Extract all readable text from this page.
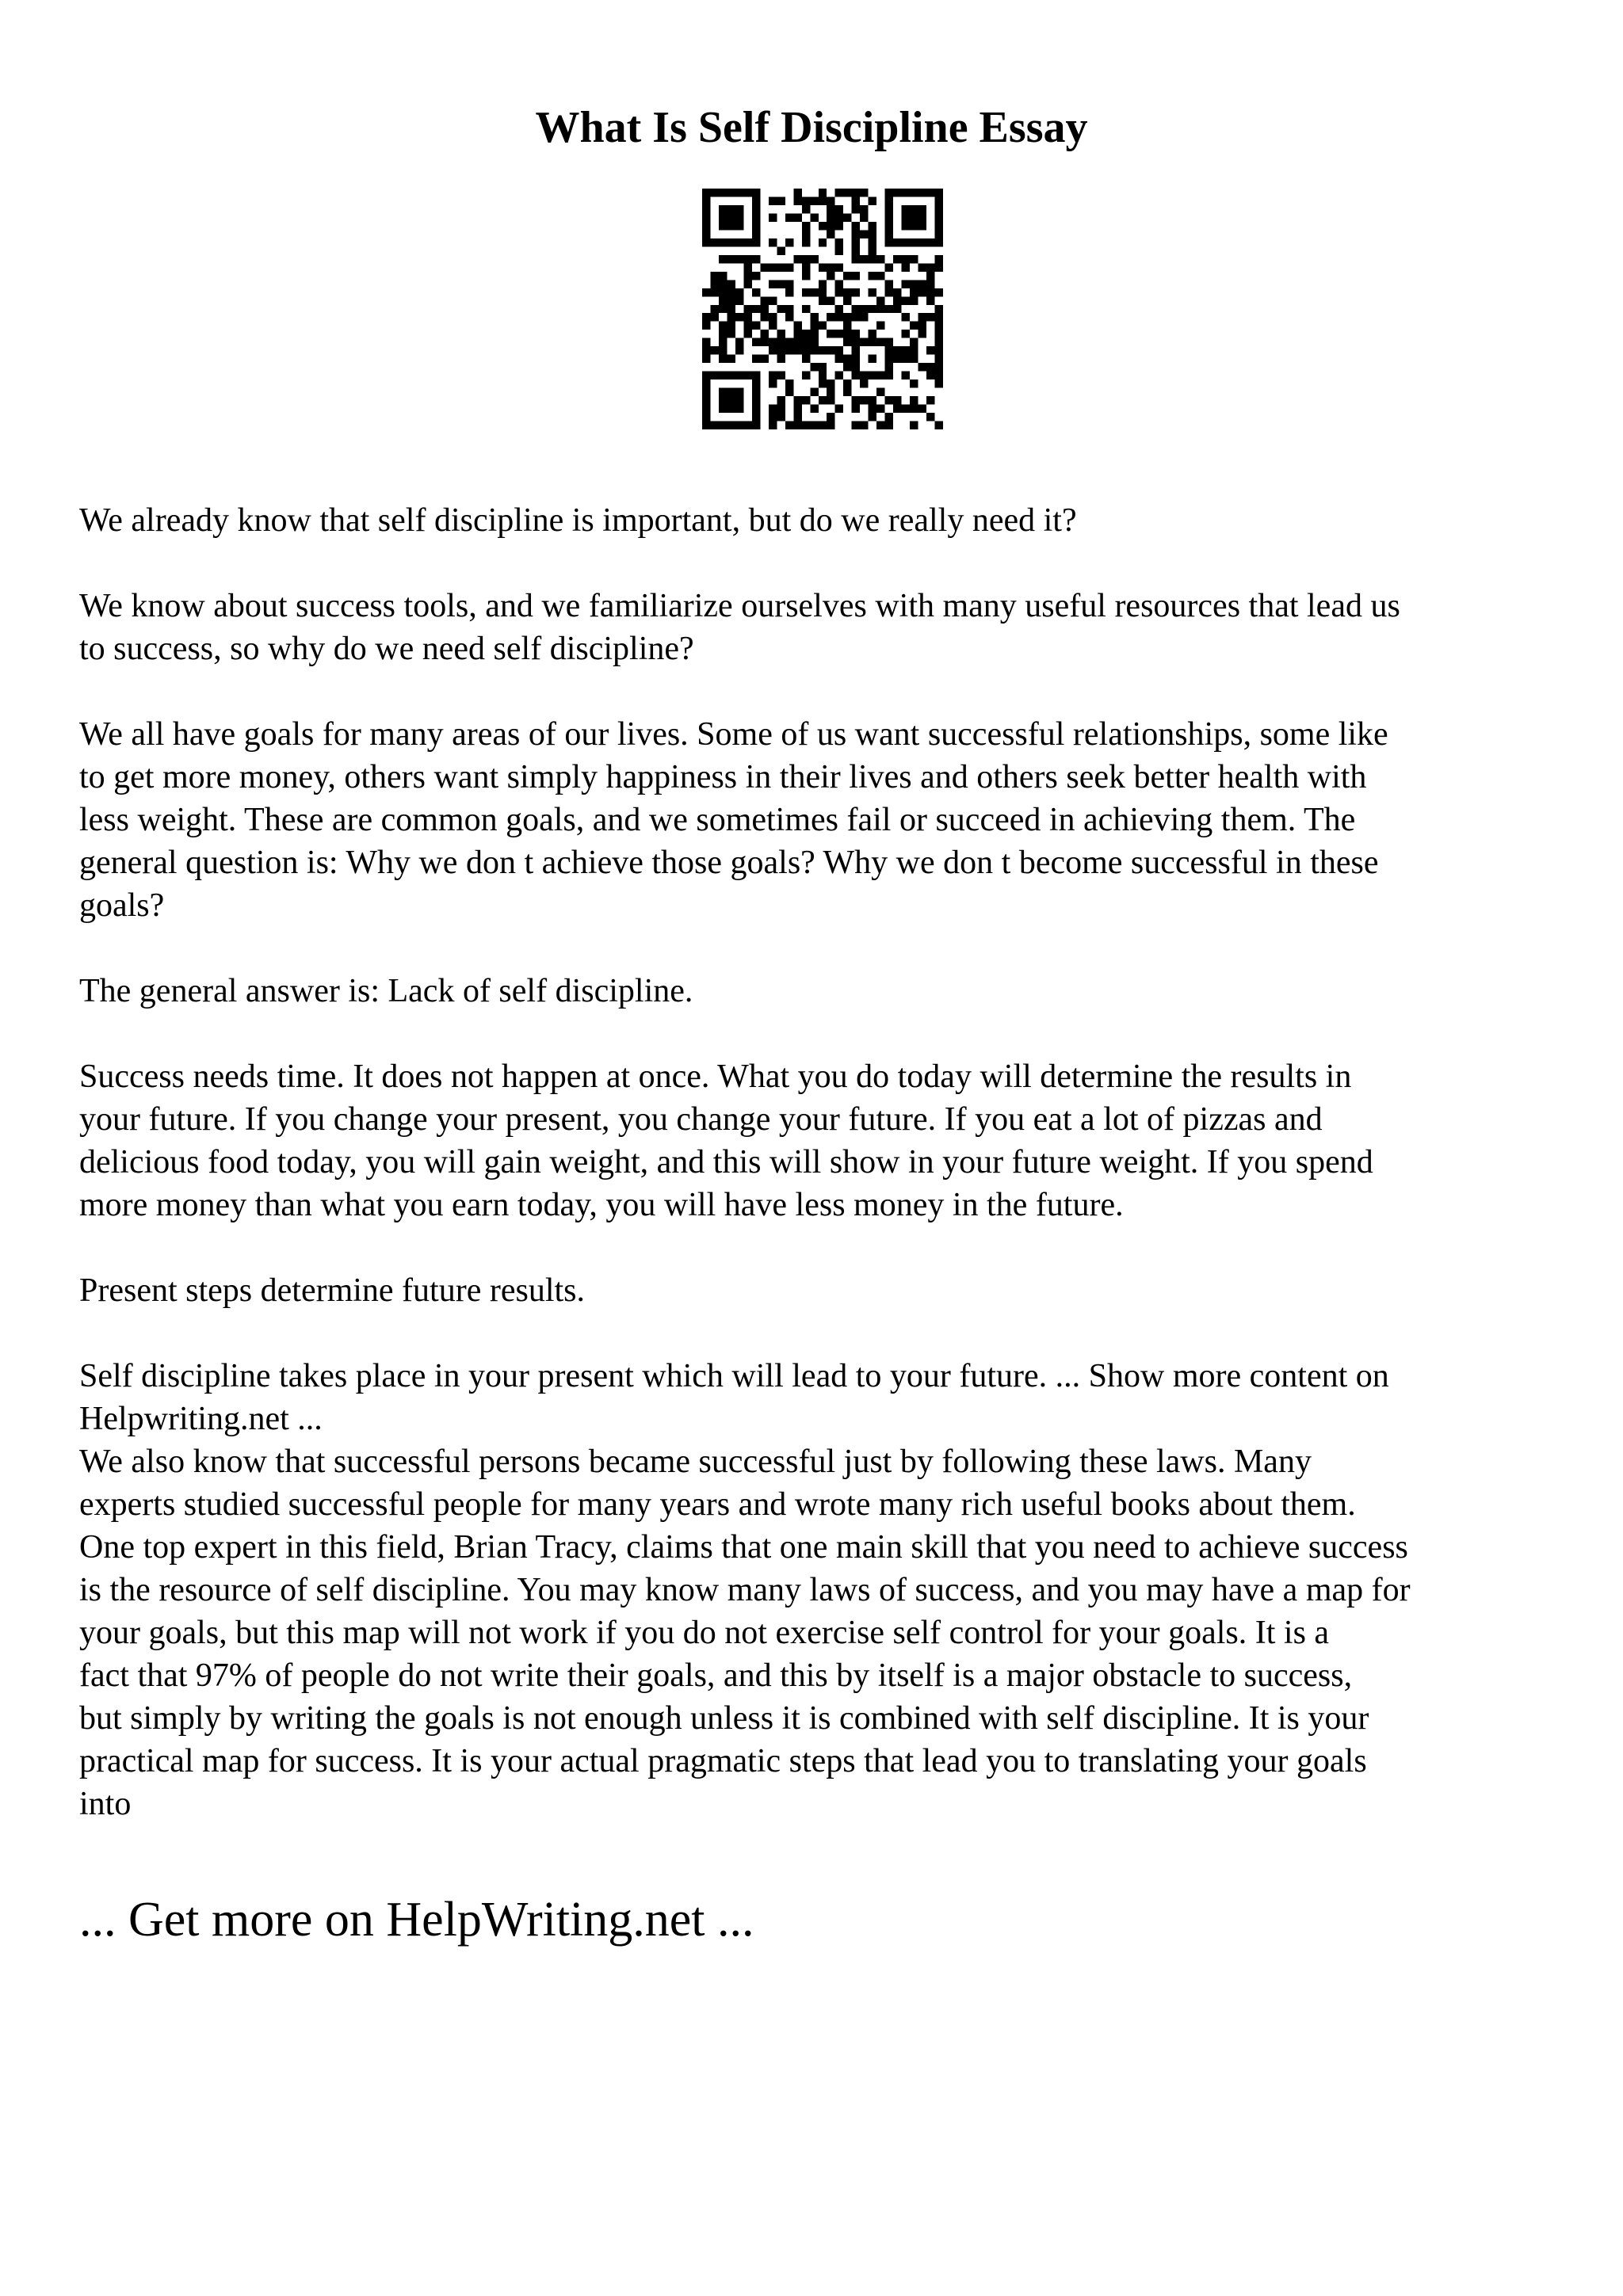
What Is Self Discipline Essay

We already know that self discipline is important, but do we really need it?

We know about success tools, and we familiarize ourselves with many useful resources that lead us
to success, so why do we need self discipline?

We all have goals for many areas of our lives. Some of us want successful relationships, some like
to get more money, others want simply happiness in their lives and others seek better health with
less weight. These are common goals, and we sometimes fail or succeed in achieving them. The
general question is: Why we don t achieve those goals? Why we don t become successful in these
goals?

The general answer is: Lack of self discipline.

Success needs time. It does not happen at once. What you do today will determine the results in
your future. If you change your present, you change your future. If you eat a lot of pizzas and
delicious food today, you will gain weight, and this will show in your future weight. If you spend
more money than what you earn today, you will have less money in the future.

Present steps determine future results.

Self discipline takes place in your present which will lead to your future. ... Show more content on
Helpwriting.net ...

We also know that successful persons became successful just by following these laws. Many
experts studied successful people for many years and wrote many rich useful books about them.
One top expert in this field, Brian Tracy, claims that one main skill that you need to achieve success
is the resource of self discipline. You may know many laws of success, and you may have a map for
your goals, but this map will not work if you do not exercise self control for your goals. It is a
fact that 97% of people do not write their goals, and this by itself is a major obstacle to success,
but simply by writing the goals is not enough unless it is combined with self discipline. It is your
practical map for success. It is your actual pragmatic steps that lead you to translating your goals
into

... Get more on HelpWriting.net ...
